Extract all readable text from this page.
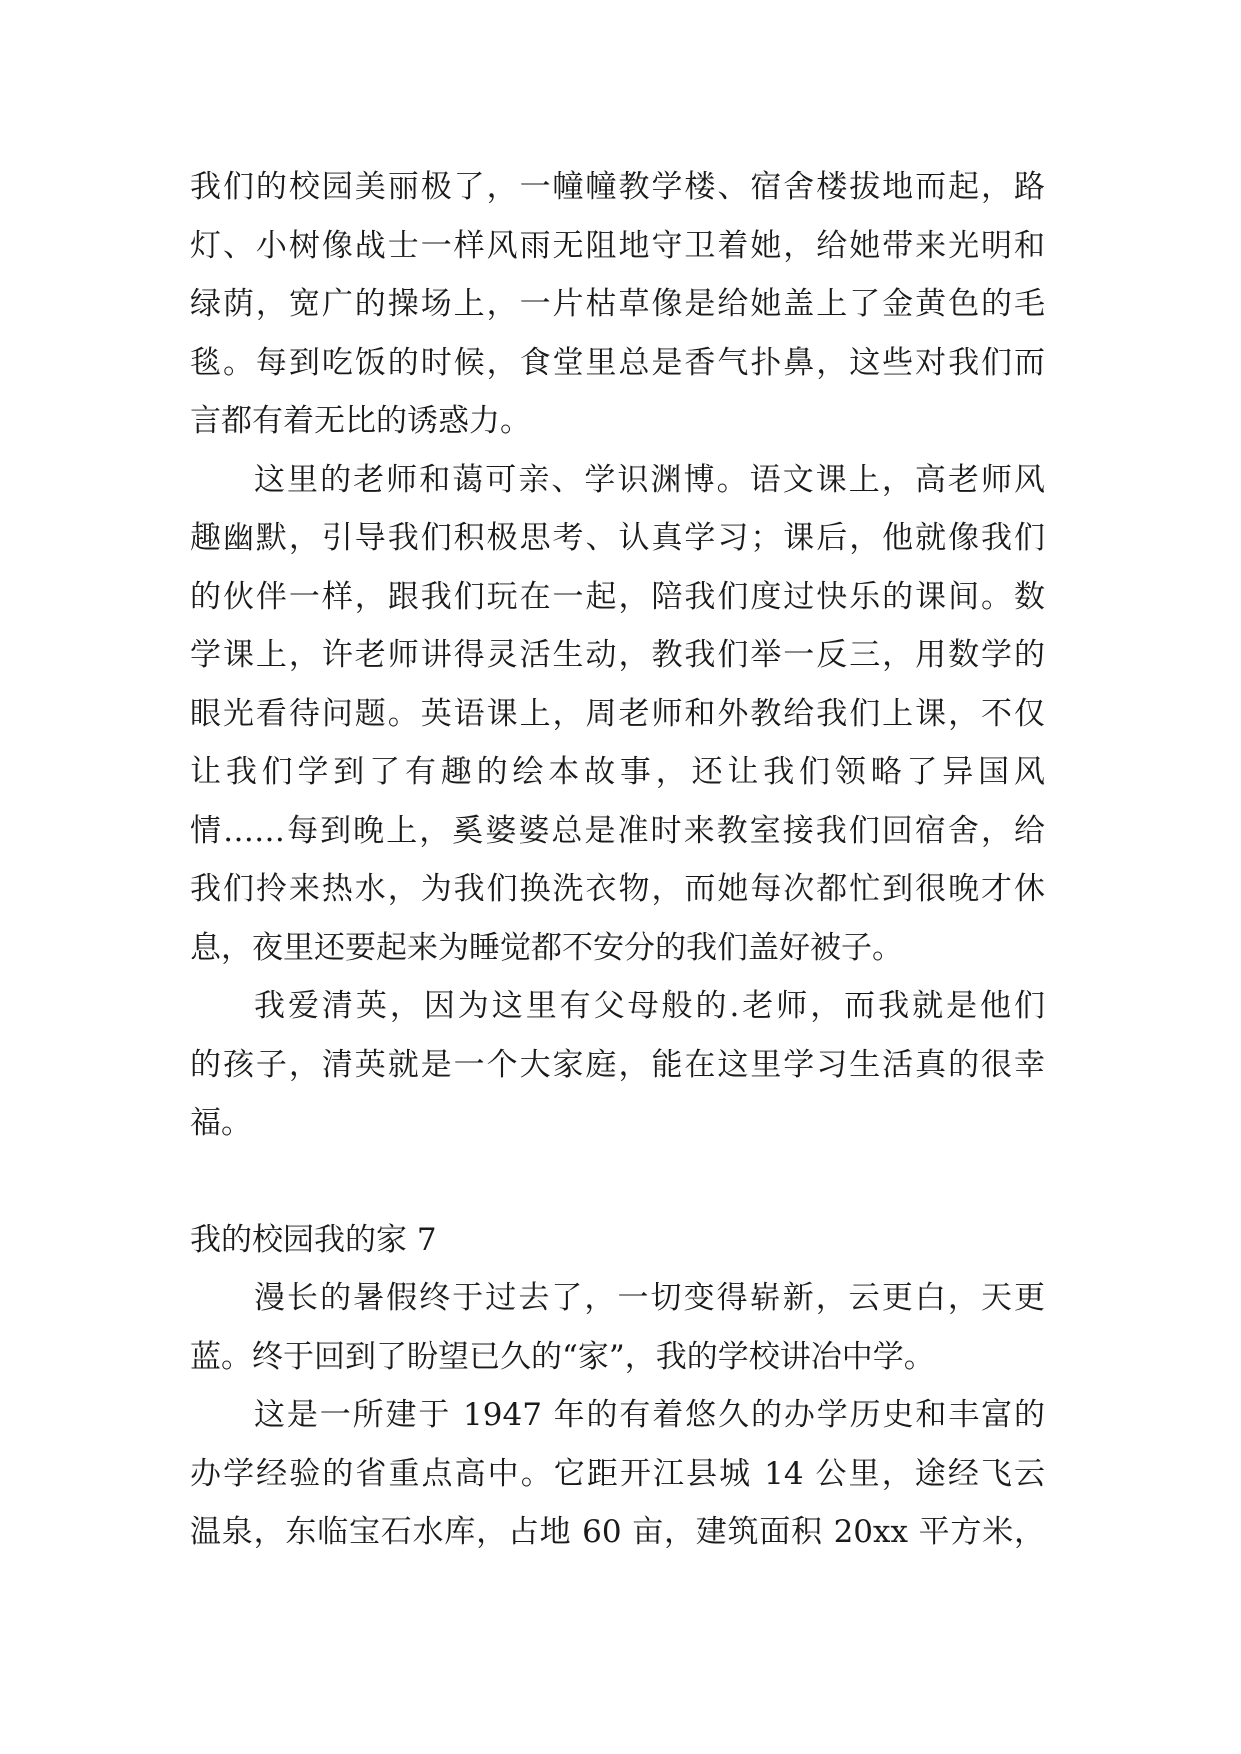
我们的校园美丽极了，一幢幢教学楼、宿舍楼拔地而起，路
灯、小树像战士一样风雨无阻地守卫着她，给她带来光明和
绿荫，宽广的操场上，一片枯草像是给她盖上了金黄色的毛
毯。每到吃饭的时候，食堂里总是香气扑鼻，这些对我们而
言都有着无比的诱惑力。
这里的老师和蔼可亲、学识渊博。语文课上，高老师风
趣幽默，引导我们积极思考、认真学习；课后，他就像我们
的伙伴一样，跟我们玩在一起，陪我们度过快乐的课间。数
学课上，许老师讲得灵活生动，教我们举一反三，用数学的
眼光看待问题。英语课上，周老师和外教给我们上课，不仅
让我们学到了有趣的绘本故事，还让我们领略了异国风
情……每到晚上，奚婆婆总是准时来教室接我们回宿舍，给
我们拎来热水，为我们换洗衣物，而她每次都忙到很晚才休
息，夜里还要起来为睡觉都不安分的我们盖好被子。
我爱清英，因为这里有父母般的.老师，而我就是他们
的孩子，清英就是一个大家庭，能在这里学习生活真的很幸
福。
我的校园我的家 7
漫长的暑假终于过去了，一切变得崭新，云更白，天更
蓝。终于回到了盼望已久的“家”，我的学校讲冶中学。
这是一所建于 1947 年的有着悠久的办学历史和丰富的
办学经验的省重点高中。它距开江县城 14 公里，途经飞云
温泉，东临宝石水库，占地 60 亩，建筑面积 20xx 平方米，
